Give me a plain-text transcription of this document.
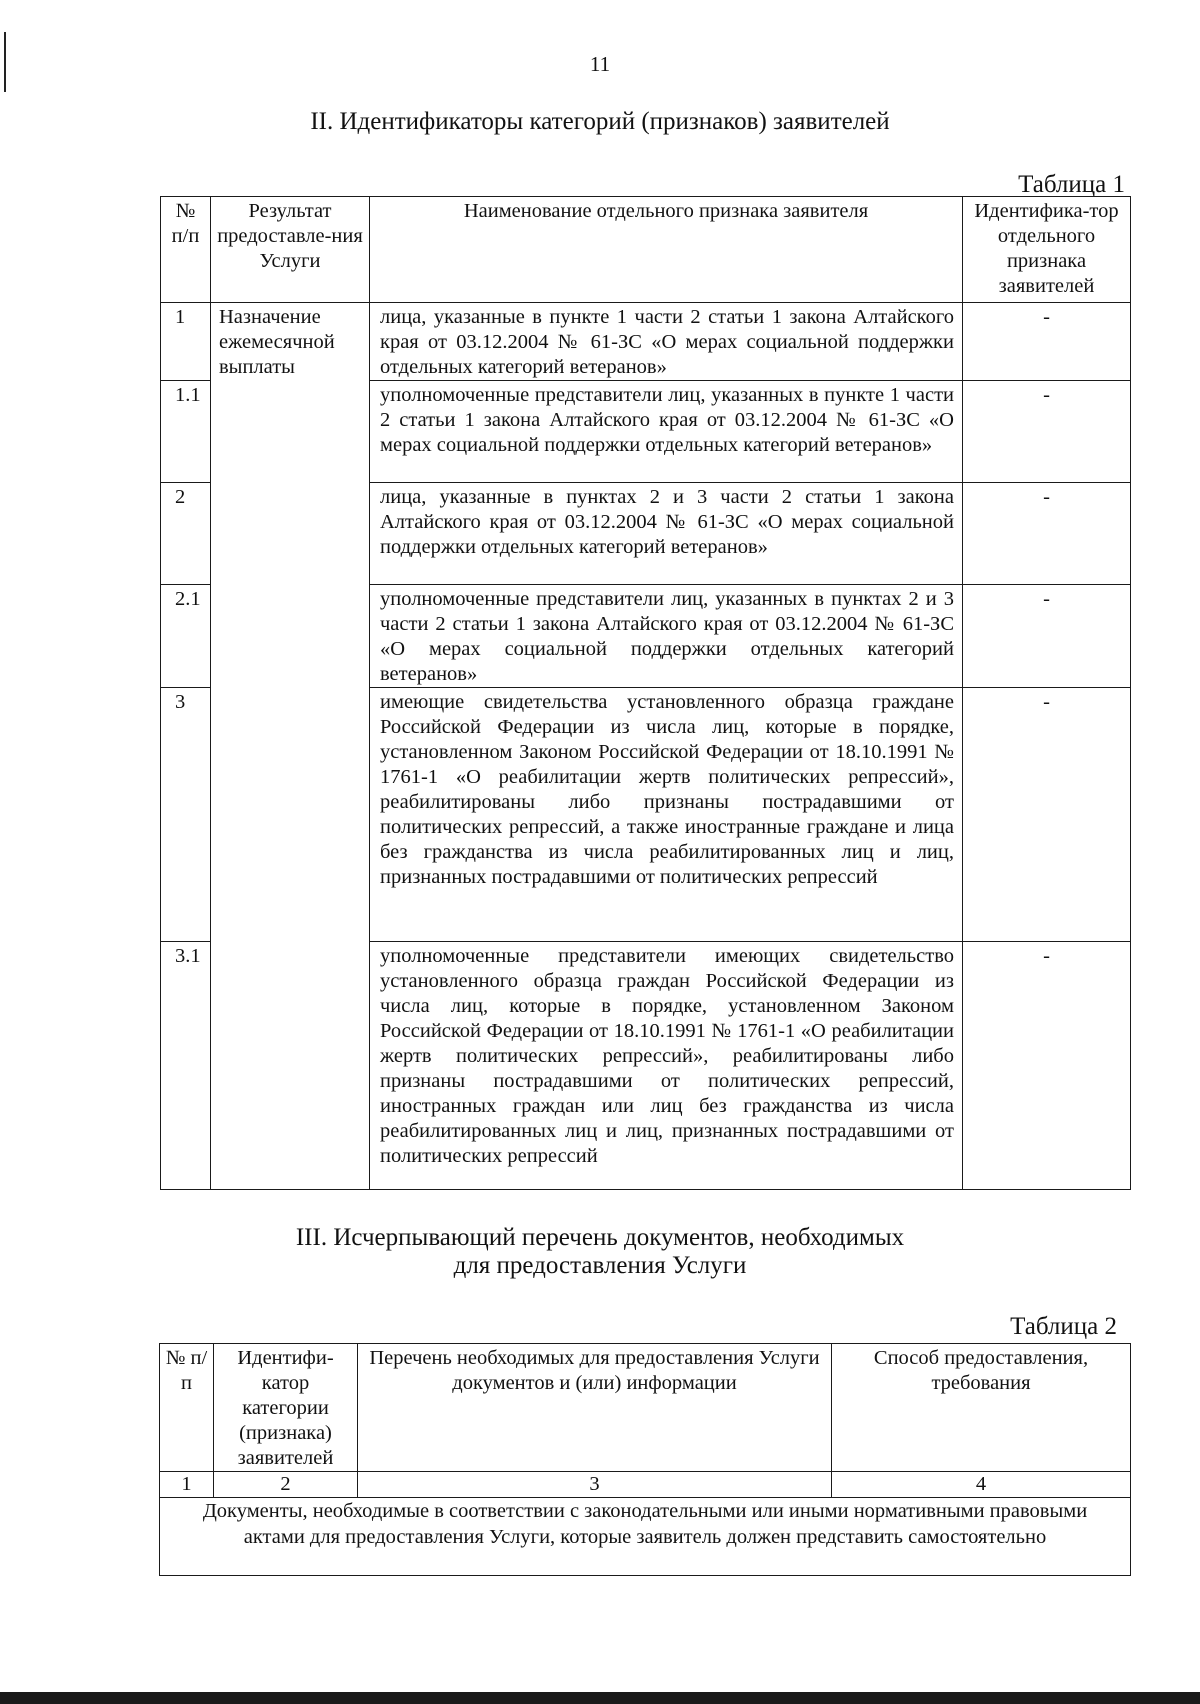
11
II. Идентификаторы категорий (признаков) заявителей
Таблица 1
№ п/п	Результат предоставле-ния Услуги	Наименование отдельного признака заявителя	Идентифика-тор отдельного признака заявителей
1	Назначение ежемесячной выплаты	лица, указанные в пункте 1 части 2 статьи 1 закона Алтайского края от 03.12.2004 № 61-ЗС «О мерах социальной поддержки отдельных категорий ветеранов»	-
1.1		уполномоченные представители лиц, указанных в пункте 1 части 2 статьи 1 закона Алтайского края от 03.12.2004 № 61-ЗС «О мерах социальной поддержки отдельных категорий ветеранов»	-
2		лица, указанные в пунктах 2 и 3 части 2 статьи 1 закона Алтайского края от 03.12.2004 № 61-ЗС «О мерах социальной поддержки отдельных категорий ветеранов»	-
2.1		уполномоченные представители лиц, указанных в пунктах 2 и 3 части 2 статьи 1 закона Алтайского края от 03.12.2004 № 61-ЗС «О мерах социальной поддержки отдельных категорий ветеранов»	-
3		имеющие свидетельства установленного образца граждане Российской Федерации из числа лиц, которые в порядке, установленном Законом Российской Федерации от 18.10.1991 № 1761-1 «О реабилитации жертв политических репрессий», реабилитированы либо признаны пострадавшими от политических репрессий, а также иностранные граждане и лица без гражданства из числа реабилитированных лиц и лиц, признанных пострадавшими от политических репрессий	-
3.1		уполномоченные представители имеющих свидетельство установленного образца граждан Российской Федерации из числа лиц, которые в порядке, установленном Законом Российской Федерации от 18.10.1991 № 1761-1 «О реабилитации жертв политических репрессий», реабилитированы либо признаны пострадавшими от политических репрессий, иностранных граждан или лиц без гражданства из числа реабилитированных лиц и лиц, признанных пострадавшими от политических репрессий	-
III. Исчерпывающий перечень документов, необходимых
для предоставления Услуги
Таблица 2
№ п/п	Идентифи-катор категории (признака) заявителей	Перечень необходимых для предоставления Услуги документов и (или) информации	Способ предоставления, требования
1	2	3	4
Документы, необходимые в соответствии с законодательными или иными нормативными правовыми актами для предоставления Услуги, которые заявитель должен представить самостоятельно			
